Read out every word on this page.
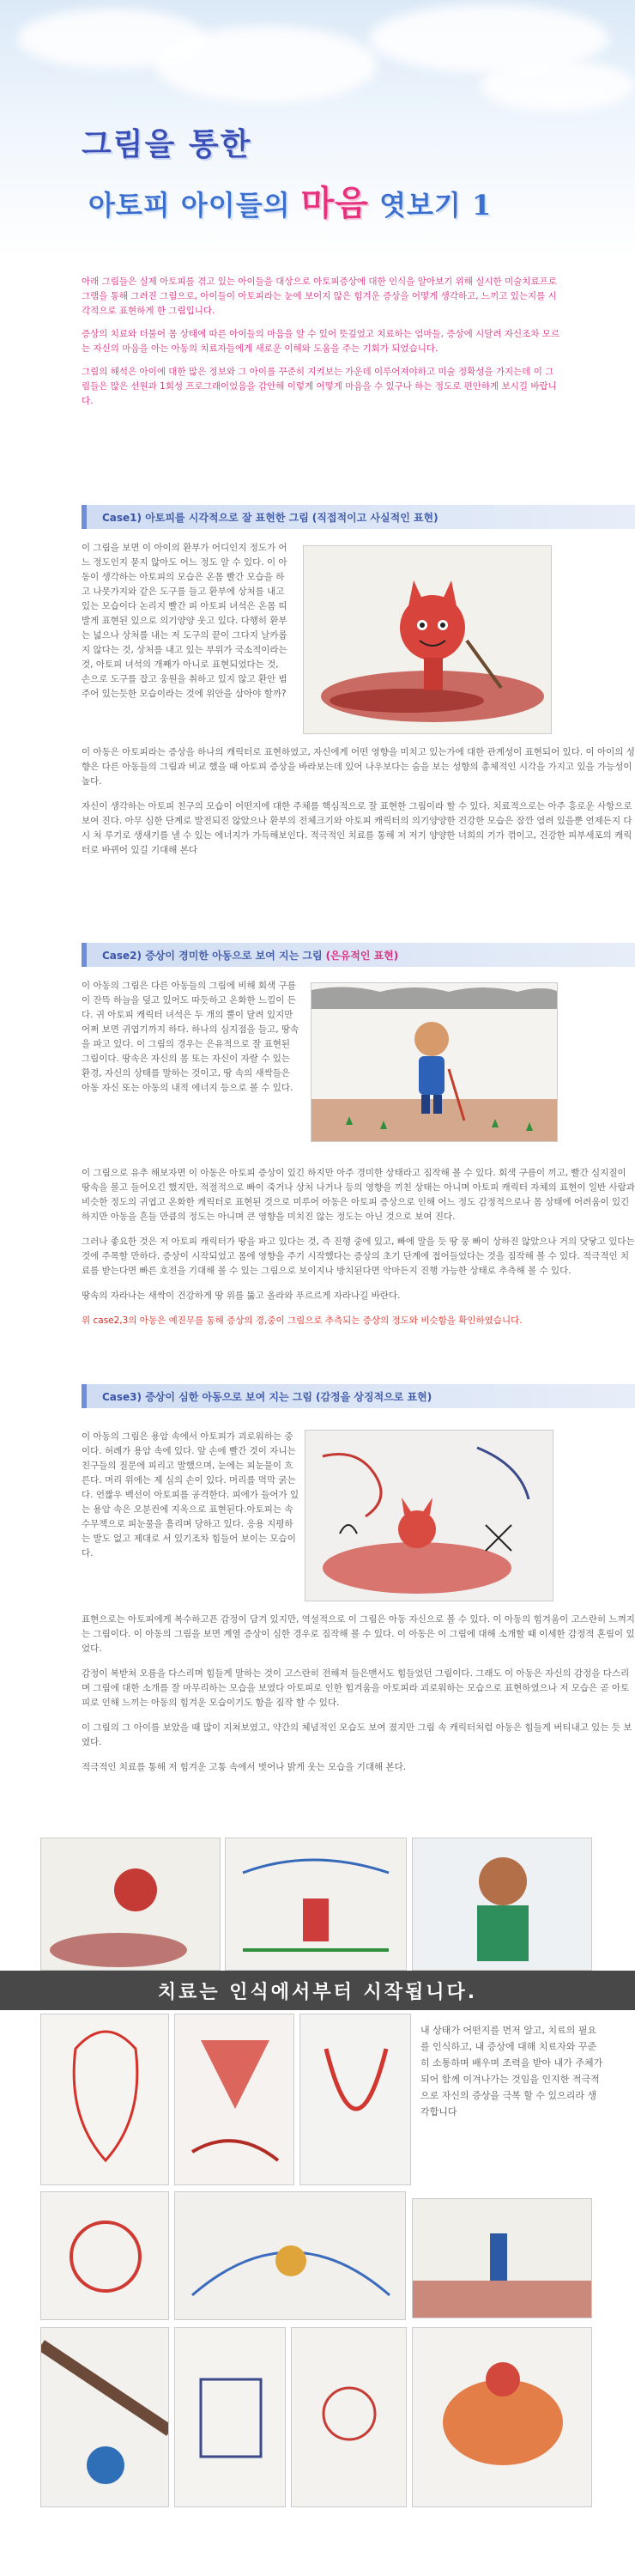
그림을 통한
아토피 아이들의 마음 엿보기 1

아래 그림들은 실제 아토피를 겪고 있는 아이들을 대상으로 아토피증상에 대한 인식을 알아보기 위해 실시한 미술치료프로그램을 통해 그려진 그림으로, 아이들이 아토피라는 눈에 보이지 않은 힘겨운 증상을 어떻게 생각하고, 느끼고 있는지를 시각적으로 표현하게 한 그림입니다.

증상의 치료와 더불어 몸 상태에 따른 아이들의 마음을 알 수 있어 뜻깊었고 치료하는 엄마들, 증상에 시달려 자신조차 모르는 자신의 마음을 아는 아동의 치료자들에게 새로운 이해와 도움을 주는 기회가 되었습니다.

그림의 해석은 아이에 대한 많은 정보와 그 아이를 꾸준히 지켜보는 가운데 이루어져야하고 미술 정확성을 가지는데 이 그림들은 많은 선원과 1회성 프로그래이었음을 감안해 이렇게 어떻게 마음을 수 있구나 하는 정도로 편안하게 보시길 바랍니다.

Case1) 아토피를 시각적으로 잘 표현한 그림 (직접적이고 사실적인 표현)

이 그림을 보면 이 아이의 환부가 어디인지 정도가 어느 정도인지 묻지 않아도 어느 정도 알 수 있다. 이 아동이 생각하는 아토피의 모습은 온몸 빨간 모습을 하고 나뭇가지와 같은 도구를 들고 환부에 상처를 내고 있는 모습이다 논리지 빨간 피 아토피 녀석은 온몸 띠발게 표현된 있으로 의기양양 웃고 있다. 다행히 환부는 넓으나 상처를 내는 저 도구의 끝이 그다지 날카롭지 않다는 것, 상처를 내고 있는 부위가 국소적이라는 것, 아토피 녀석의 개째가 아니로 표현되었다는 것, 손으로 도구를 잡고 웅원을 취하고 있지 않고 환안 범주어 있는듯한 모습이라는 것에 위안을 삼아야 할까?

이 아동은 아토피라는 증상을 하나의 캐릭터로 표현하였고, 자신에게 어떤 영향을 미치고 있는가에 대한 관계성이 표현되어 있다. 이 아이의 성향은 다른 아동들의 그림과 비교 했을 때 아토피 증상을 바라보는데 있어 나우보다는 숨을 보는 성향의 총체적인 시각을 가지고 있을 가능성이 높다.

자신이 생각하는 아토피 친구의 모습이 어떤지에 대한 주체를 핵심적으로 잘 표현한 그림이라 할 수 있다. 치료적으로는 아주 흥로운 사항으로 보여 진다. 아무 심한 단계로 발전되진 않았으나 환부의 전체크기와 아토피 캐릭터의 의기양양한 건강한 모습은 잠깐 염려 있을뿐 언제든지 다 시 처 루기로 생새기를 낼 수 있는 에너지가 가득해보인다. 적극적인 치료를 통해 저 저기 양양한 너희의 기가 꺾이고, 건강한 피부세포의 캐릭터로 바뀌어 있길 기대해 본다

Case2) 증상이 경미한 아동으로 보여 지는 그림 (은유적인 표현)

이 아동의 그림은 다른 아동들의 그림에 비해 회색 구름이 잔뜩 하늘을 덮고 있어도 따듯하고 온화한 느낌이 든다. 귀 아토피 캐릭터 녀석은 두 개의 뿔이 달려 있지만 어쩌 보면 귀엽기까지 하다. 하나의 심지점을 들고, 땅속을 파고 있다. 이 그림의 경우는 은유적으로 잘 표현된 그림이다. 땅속은 자신의 몸 또는 자신이 자랄 수 있는 환경, 자신의 상태를 말하는 것이고, 땅 속의 새싹들은 아동 자신 또는 아동의 내적 에너지 등으로 볼 수 있다.

이 그림으로 유추 해보자면 이 아동은 아토피 증상이 있긴 하지만 아주 경미한 상태라고 짐작해 볼 수 있다. 회색 구름이 끼고, 빨간 심지질이 땅속을 볼고 들어오긴 했지만, 적절적으로 빠이 죽거나 상처 나거나 등의 영향을 끼친 상태는 아니며 아토피 캐릭터 자체의 표현이 일반 사람과 비슷한 정도의 귀엽고 온화한 캐릭터로 표현된 것으로 미루어 아동은 아토피 증상으로 인해 어느 정도 감정적으로나 몸 상태에 어려움이 있긴 하지만 아동을 흔들 만큼의 정도는 아니며 큰 영향을 미치진 않는 정도는 아닌 것으로 보여 진다.

그러나 좋요한 것은 저 아토피 캐릭터가 땅을 파고 있다는 것, 즉 진행 중에 있고, 빠에 말을 듯 땅 뭉 빠이 상하진 않았으나 거의 닷닿고 있다는 것에 주목할 만하다. 증상이 시작되었고 몸에 영향을 주기 시작했다는 증상의 초기 단계에 접어들었다는 것을 짐작해 볼 수 있다. 적극적인 치료를 받는다면 빠른 호전을 기대해 볼 수 있는 그림으로 보이지나 방치된다면 악마든지 진행 가능한 상태로 추측해 볼 수 있다.

땅속의 자라나는 새싹이 건강하게 땅 위를 뚫고 올라와 푸르르게 자라나길 바란다.

위 case2,3의 아동은 예진무를 통해 증상의 경,중이 그림으로 추측되는 증상의 정도와 비슷함을 확인하였습니다.

Case3) 증상이 심한 아동으로 보여 지는 그림 (감정을 상징적으로 표현)

이 아동의 그림은 용암 속에서 아토피가 괴로워하는 중이다. 허례가 용암 속에 있다. 앞 손에 빨간 것이 자니는 친구들의 질문에 피리고 말했으며, 눈에는 피눈물이 흐른다. 머리 위에는 제 심의 손이 있다. 머리를 먹막 굵는다. 언짢우 백선이 아토피를 공격한다. 피에가 들어가 있는 용암 속은 오분컨에 지옥으로 표현된다.아토피는 속수무책으로 피눈물을 흘리며 당하고 있다. 응용 지평하는 발도 없고 제대로 서 있기조차 힘들어 보이는 모습이다.

표현으로는 아토피에게 복수하고픈 감정이 담겨 있지만, 역설적으로 이 그림은 아동 자신으로 볼 수 있다. 이 아동의 힘겨움이 고스란히 느껴지는 그림이다. 이 아동의 그림을 보면 계열 증상이 심한 경우로 짐작해 볼 수 있다. 이 아동은 이 그림에 대해 소개할 때 이세한 감정적 혼림이 있었다.

감정이 복받쳐 오름을 다스리며 힘들게 말하는 것이 고스란히 전해져 들은맨서도 힘들었던 그림이다. 그래도 이 아동은 자신의 감정을 다스리며 그림에 대한 소개를 잘 마무리하는 모습을 보였다 아토피로 인한 힘겨움을 아토피라 괴로워하는 모습으로 표현하였으나 저 모습은 곧 아토피로 인해 느끼는 아동의 힘겨운 모습이기도 함을 짐작 할 수 있다.

이 그림의 그 아이를 보았을 때 많이 지쳐보였고, 약간의 체념적인 모습도 보여 졌지만 그림 속 캐릭터처럼 아동은 힘들게 버티내고 있는 듯 보였다.

적극적인 치료를 통해 저 힘겨운 고통 속에서 벗어나 밝게 웃는 모습을 기대해 본다.

치료는 인식에서부터 시작됩니다.
내 상태가 어떤지를 먼저 알고, 치료의 필요를 인식하고, 내 증상에 대해 치료자와 꾸준히 소통하며 배우며 조력을 받아 내가 주체가 되어 함께 이겨나가는 것임을 인지한 적극적으로 자신의 증상을 극복 할 수 있으리라 생각합니다
